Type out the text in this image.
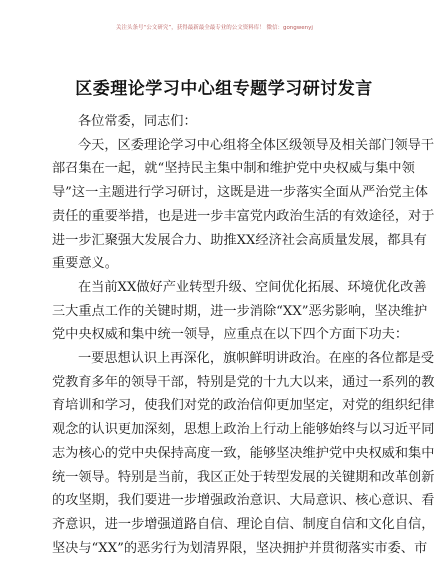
关注头条号“公文研究”，获得最新最全最专业的公文资料库！ 微信：gongwenyj
区委理论学习中心组专题学习研讨发言

各位常委，同志们：

今天，区委理论学习中心组将全体区级领导及相关部门领导干
部召集在一起，就“坚持民主集中制和维护党中央权威与集中领
导”这一主题进行学习研讨，这既是进一步落实全面从严治党主体
责任的重要举措，也是进一步丰富党内政治生活的有效途径，对于
进一步汇聚强大发展合力、助推XX经济社会高质量发展，都具有
重要意义。
在当前XX做好产业转型升级、空间优化拓展、环境优化改善
三大重点工作的关键时期，进一步消除“XX”恶劣影响，坚决维护
党中央权威和集中统一领导，应重点在以下四个方面下功夫：
一要思想认识上再深化，旗帜鲜明讲政治。在座的各位都是受
党教育多年的领导干部，特别是党的十九大以来，通过一系列的教
育培训和学习，使我们对党的政治信仰更加坚定，对党的组织纪律
观念的认识更加深刻，思想上政治上行动上能够始终与以习近平同
志为核心的党中央保持高度一致，能够坚决维护党中央权威和集中
统一领导。特别是当前，我区正处于转型发展的关键期和改革创新
的攻坚期，我们要进一步增强政治意识、大局意识、核心意识、看
齐意识，进一步增强道路自信、理论自信、制度自信和文化自信，
坚决与“XX”的恶劣行为划清界限，坚决拥护并贯彻落实市委、市
